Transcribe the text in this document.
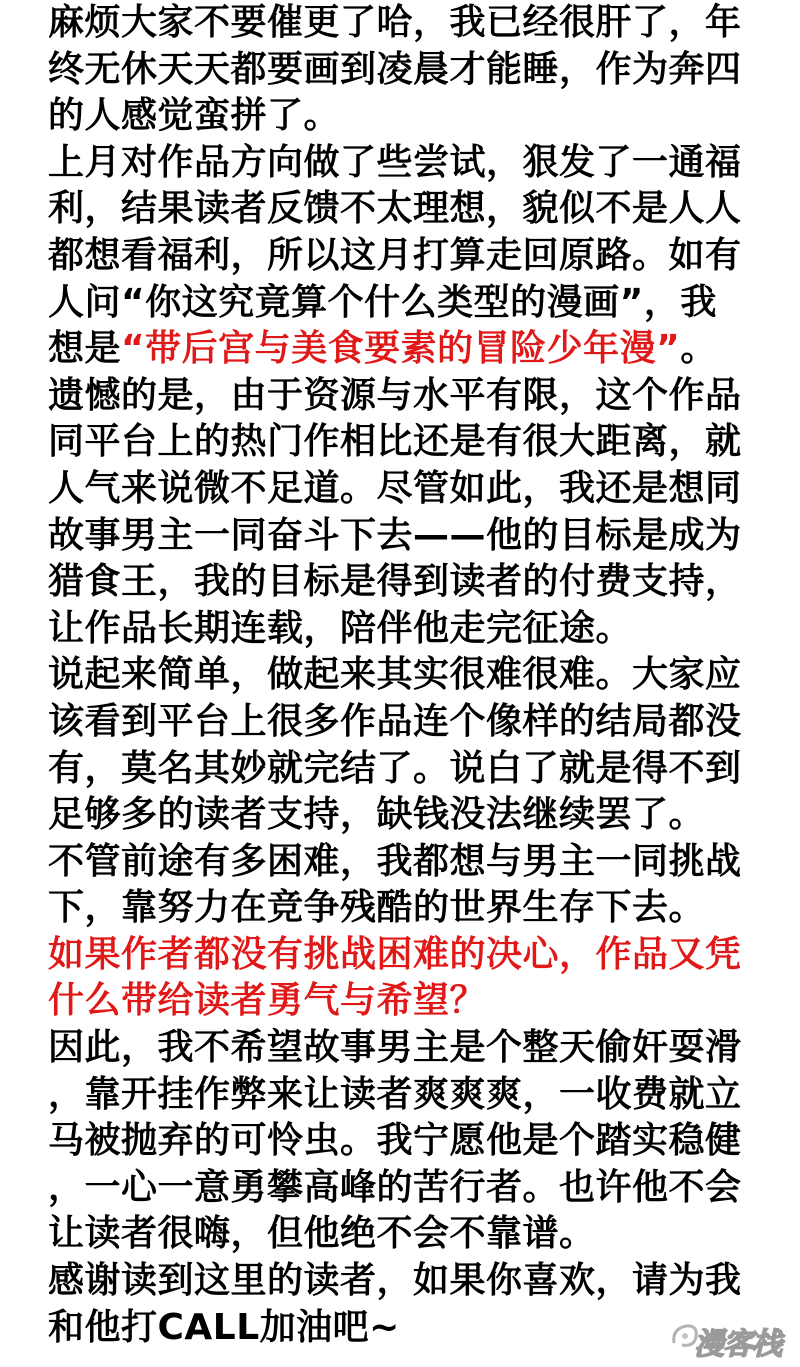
麻烦大家不要催更了哈，我已经很肝了，年
终无休天天都要画到凌晨才能睡，作为奔四
的人感觉蛮拼了。
上月对作品方向做了些尝试，狠发了一通福
利，结果读者反馈不太理想，貌似不是人人
都想看福利，所以这月打算走回原路。如有
人问“你这究竟算个什么类型的漫画”，我
想是“带后宫与美食要素的冒险少年漫”。
遗憾的是，由于资源与水平有限，这个作品
同平台上的热门作相比还是有很大距离，就
人气来说微不足道。尽管如此，我还是想同
故事男主一同奋斗下去——他的目标是成为
猎食王，我的目标是得到读者的付费支持，
让作品长期连载，陪伴他走完征途。
说起来简单，做起来其实很难很难。大家应
该看到平台上很多作品连个像样的结局都没
有，莫名其妙就完结了。说白了就是得不到
足够多的读者支持，缺钱没法继续罢了。
不管前途有多困难，我都想与男主一同挑战
下，靠努力在竞争残酷的世界生存下去。
如果作者都没有挑战困难的决心，作品又凭
什么带给读者勇气与希望？
因此，我不希望故事男主是个整天偷奸耍滑
，靠开挂作弊来让读者爽爽爽，一收费就立
马被抛弃的可怜虫。我宁愿他是个踏实稳健
，一心一意勇攀高峰的苦行者。也许他不会
让读者很嗨，但他绝不会不靠谱。
感谢读到这里的读者，如果你喜欢，请为我
和他打CALL加油吧~	漫客栈
